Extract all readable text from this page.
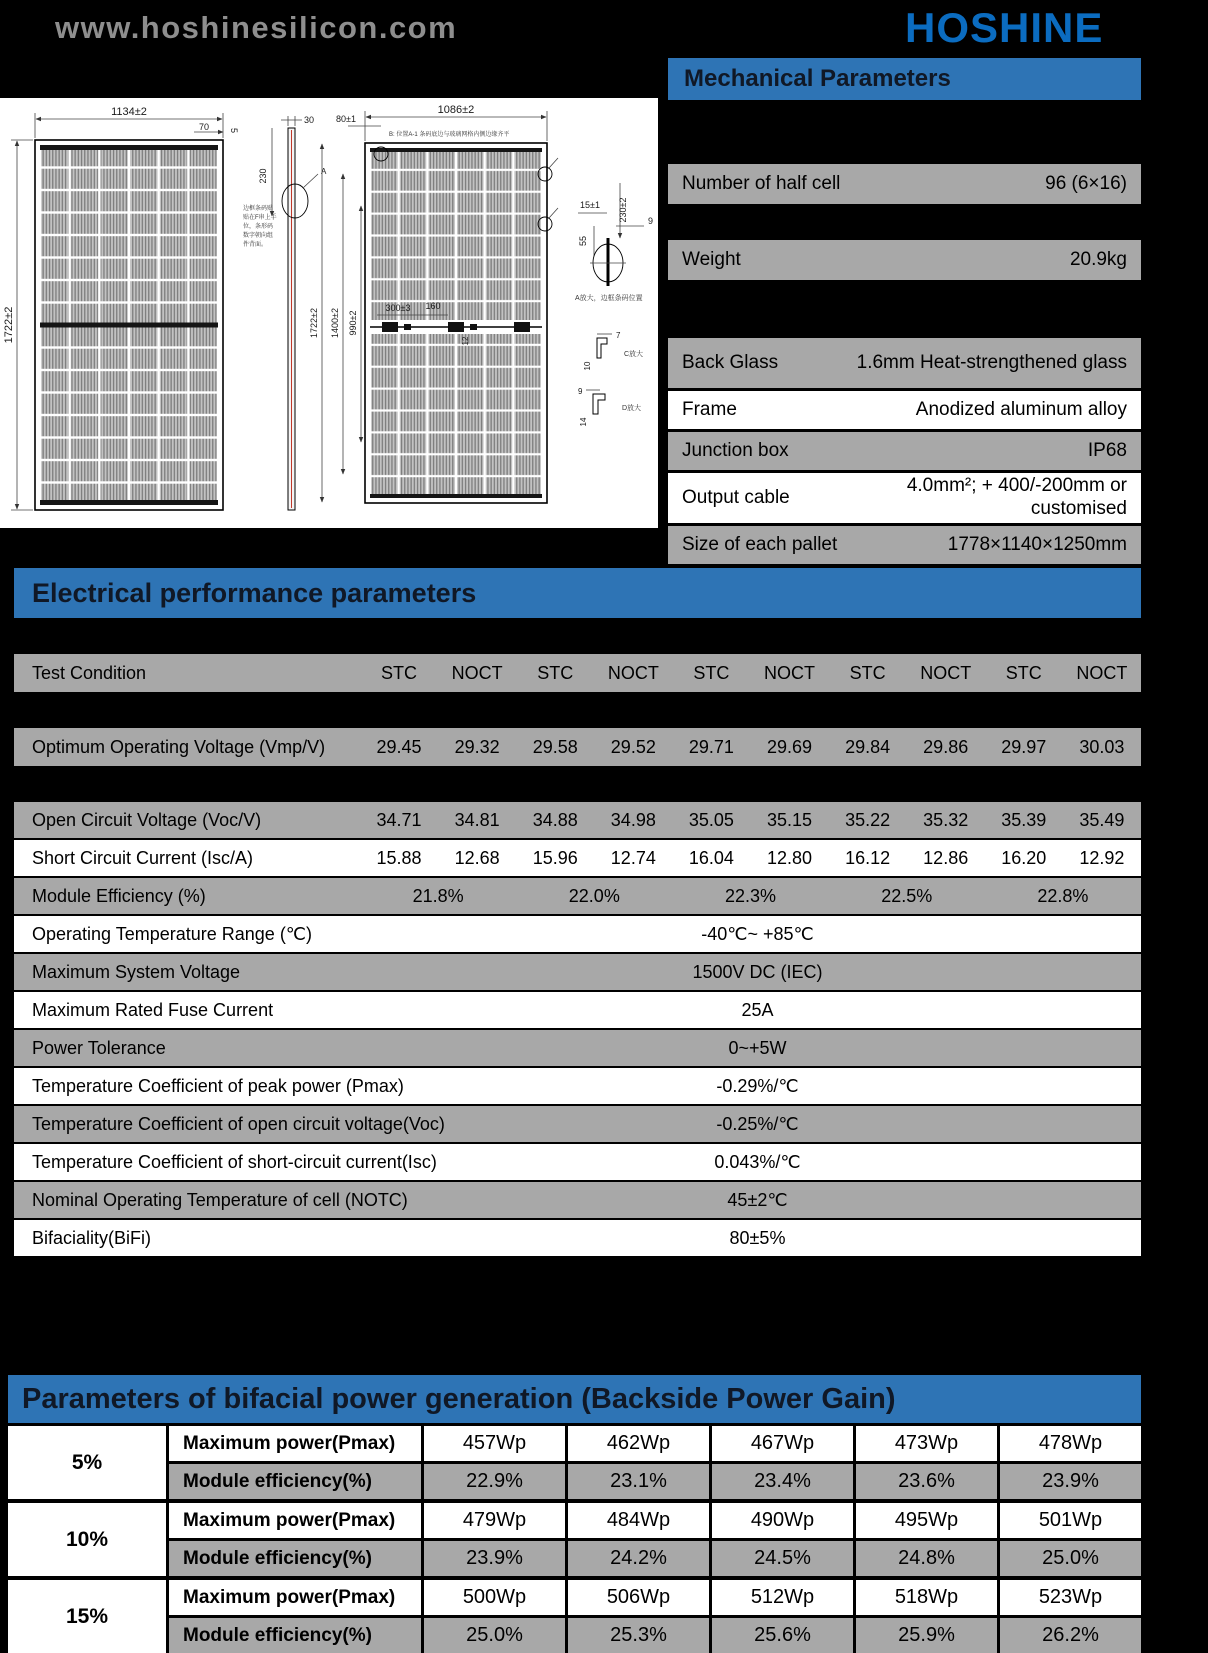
www.hoshinesilicon.com	HOSHINE
1134±2
70 5
1722±2
30
230	A
边框条码贴
贴在F串上手
位，条形码
数字朝向组
件背面。
1086±2
80±1
B: 位置A-1 条码底边与玻璃网格内侧边缘齐平
1722±2 1400±2 990±2
300±3 160
12
15±1 230±2
55
9
A放大，边框条码位置
7
10
C放大
9
14
D放大
Mechanical Parameters
Number of half cell	96 (6×16)
Weight	20.9kg
Back Glass	1.6mm Heat-strengthened glass
Frame	Anodized aluminum alloy
Junction box	IP68
Output cable
4.0mm²; + 400/-200mm or customised
Size of each pallet	1778×1140×1250mm
Electrical performance parameters
Test Condition	STC	NOCT	STC	NOCT	STC	NOCT	STC	NOCT	STC	NOCT
Optimum Operating Voltage (Vmp/V)	29.45	29.32	29.58	29.52	29.71	29.69	29.84	29.86	29.97	30.03
Open Circuit Voltage (Voc/V)	34.71	34.81	34.88	34.98	35.05	35.15	35.22	35.32	35.39	35.49
Short Circuit Current (Isc/A)	15.88	12.68	15.96	12.74	16.04	12.80	16.12	12.86	16.20	12.92
Module Efficiency (%)	21.8%	22.0%	22.3%	22.5%	22.8%
Operating Temperature Range (℃)	-40℃~ +85℃
Maximum System Voltage	1500V DC (IEC)
Maximum Rated Fuse Current	25A
Power Tolerance	0~+5W
Temperature Coefficient of peak power (Pmax)	-0.29%/℃
Temperature Coefficient of open circuit voltage(Voc)	-0.25%/℃
Temperature Coefficient of short-circuit current(Isc)	0.043%/℃
Nominal Operating Temperature of cell (NOTC)	45±2℃
Bifaciality(BiFi)	80±5%
Parameters of bifacial power generation (Backside Power Gain)
5%
Maximum power(Pmax)	457Wp	462Wp	467Wp	473Wp	478Wp
Module efficiency(%)	22.9%	23.1%	23.4%	23.6%	23.9%
10%
Maximum power(Pmax)	479Wp	484Wp	490Wp	495Wp	501Wp
Module efficiency(%)	23.9%	24.2%	24.5%	24.8%	25.0%
15%
Maximum power(Pmax)	500Wp	506Wp	512Wp	518Wp	523Wp
Module efficiency(%)	25.0%	25.3%	25.6%	25.9%	26.2%
